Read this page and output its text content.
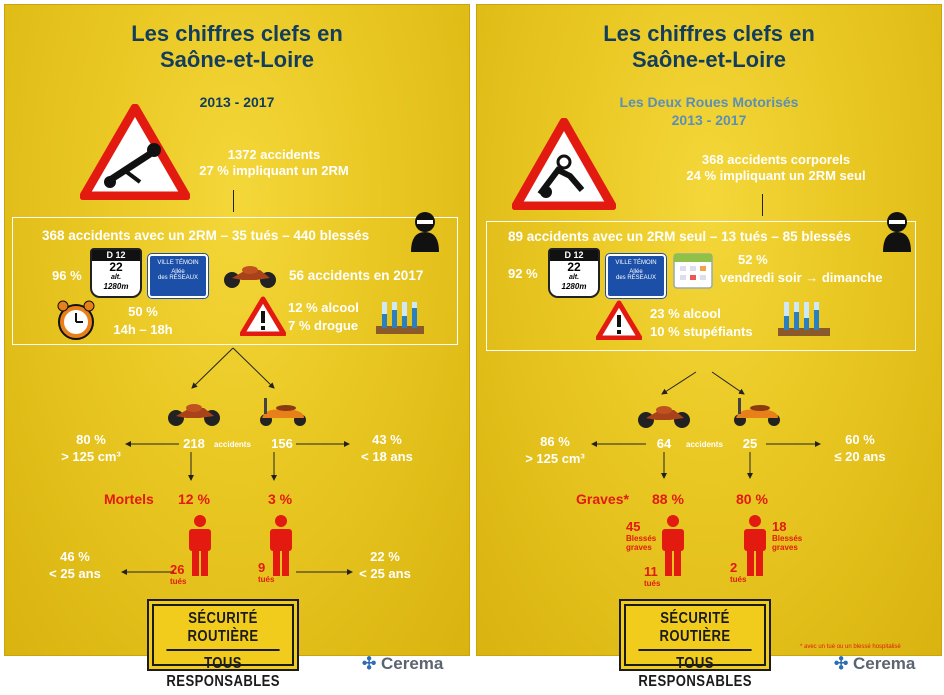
Les chiffres clefs en
Saône-et-Loire
2013 - 2017
1372 accidents
27 % impliquant un 2RM
368 accidents avec un 2RM – 35 tués – 440 blessés
96 %
D 12
22
alt.
1280m
VILLE TÉMOIN
Allée
des RÉSEAUX	56 accidents en 2017
50 %
14h – 18h
12 % alcool
7 % drogue
218	accidents	156
80 %
> 125 cm³
43 %
< 18 ans
Mortels 12 %	3 %
26
tués
9
tués
46 %
< 25 ans
22 %
< 25 ans
SÉCURITÉ ROUTIÈRE
TOUS RESPONSABLES
✣ Cerema
Les chiffres clefs en
Saône-et-Loire
Les Deux Roues Motorisés
2013 - 2017
368 accidents corporels
24 % impliquant un 2RM seul
89 accidents avec un 2RM seul – 13 tués – 85 blessés
92 %
D 12
22
alt.
1280m
VILLE TÉMOIN
Allée
des RÉSEAUX
52 %
vendredi soir → dimanche
23 % alcool
10 % stupéfiants
64	accidents	25
86 %
> 125 cm³
60 %
≤ 20 ans
Graves* 88 %	80 %
45
Blessés
graves
18
Blessés
graves
11
tués
2
tués
SÉCURITÉ ROUTIÈRE
TOUS RESPONSABLES
* avec un tué ou un blessé hospitalisé
✣ Cerema
